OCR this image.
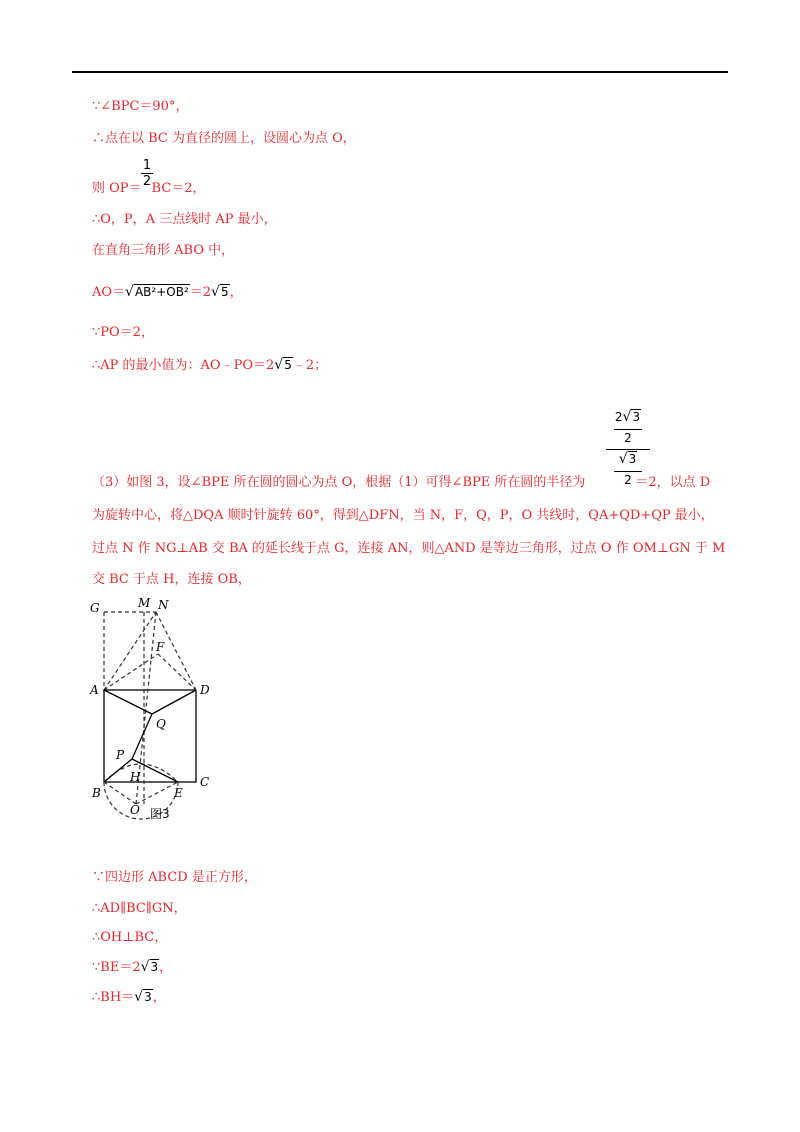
∵∠BPC＝90°，
∴点在以 BC 为直径的圆上，设圆心为点 O，
则 OP＝ BC＝2，
$\frac{1}{2}$
∴O，P，A 三点线时 AP 最小，
在直角三角形 ABO 中，
AO＝√AB²+OB²＝2√5，
∵PO＝2，
∴AP 的最小值为：AO﹣PO＝2√5﹣2；
2√3
2
√3
2
（3）如图 3，设∠BPE 所在圆的圆心为点 O，根据（1）可得∠BPE 所在圆的半径为	＝2，以点 D
为旋转中心，将△DQA 顺时针旋转 60°，得到△DFN，当 N，F，Q，P，O 共线时，QA+QD+QP 最小，
过点 N 作 NG⊥AB 交 BA 的延长线于点 G，连接 AN，则△AND 是等边三角形，过点 O 作 OM⊥GN 于 M
交 BC 于点 H，连接 OB，
G	M N
F
A	D
Q
P
H
B	E
C
O 图3
∵四边形 ABCD 是正方形，
∴AD∥BC∥GN，
∴OH⊥BC，
∵BE＝2√3，
∴BH＝√3，
